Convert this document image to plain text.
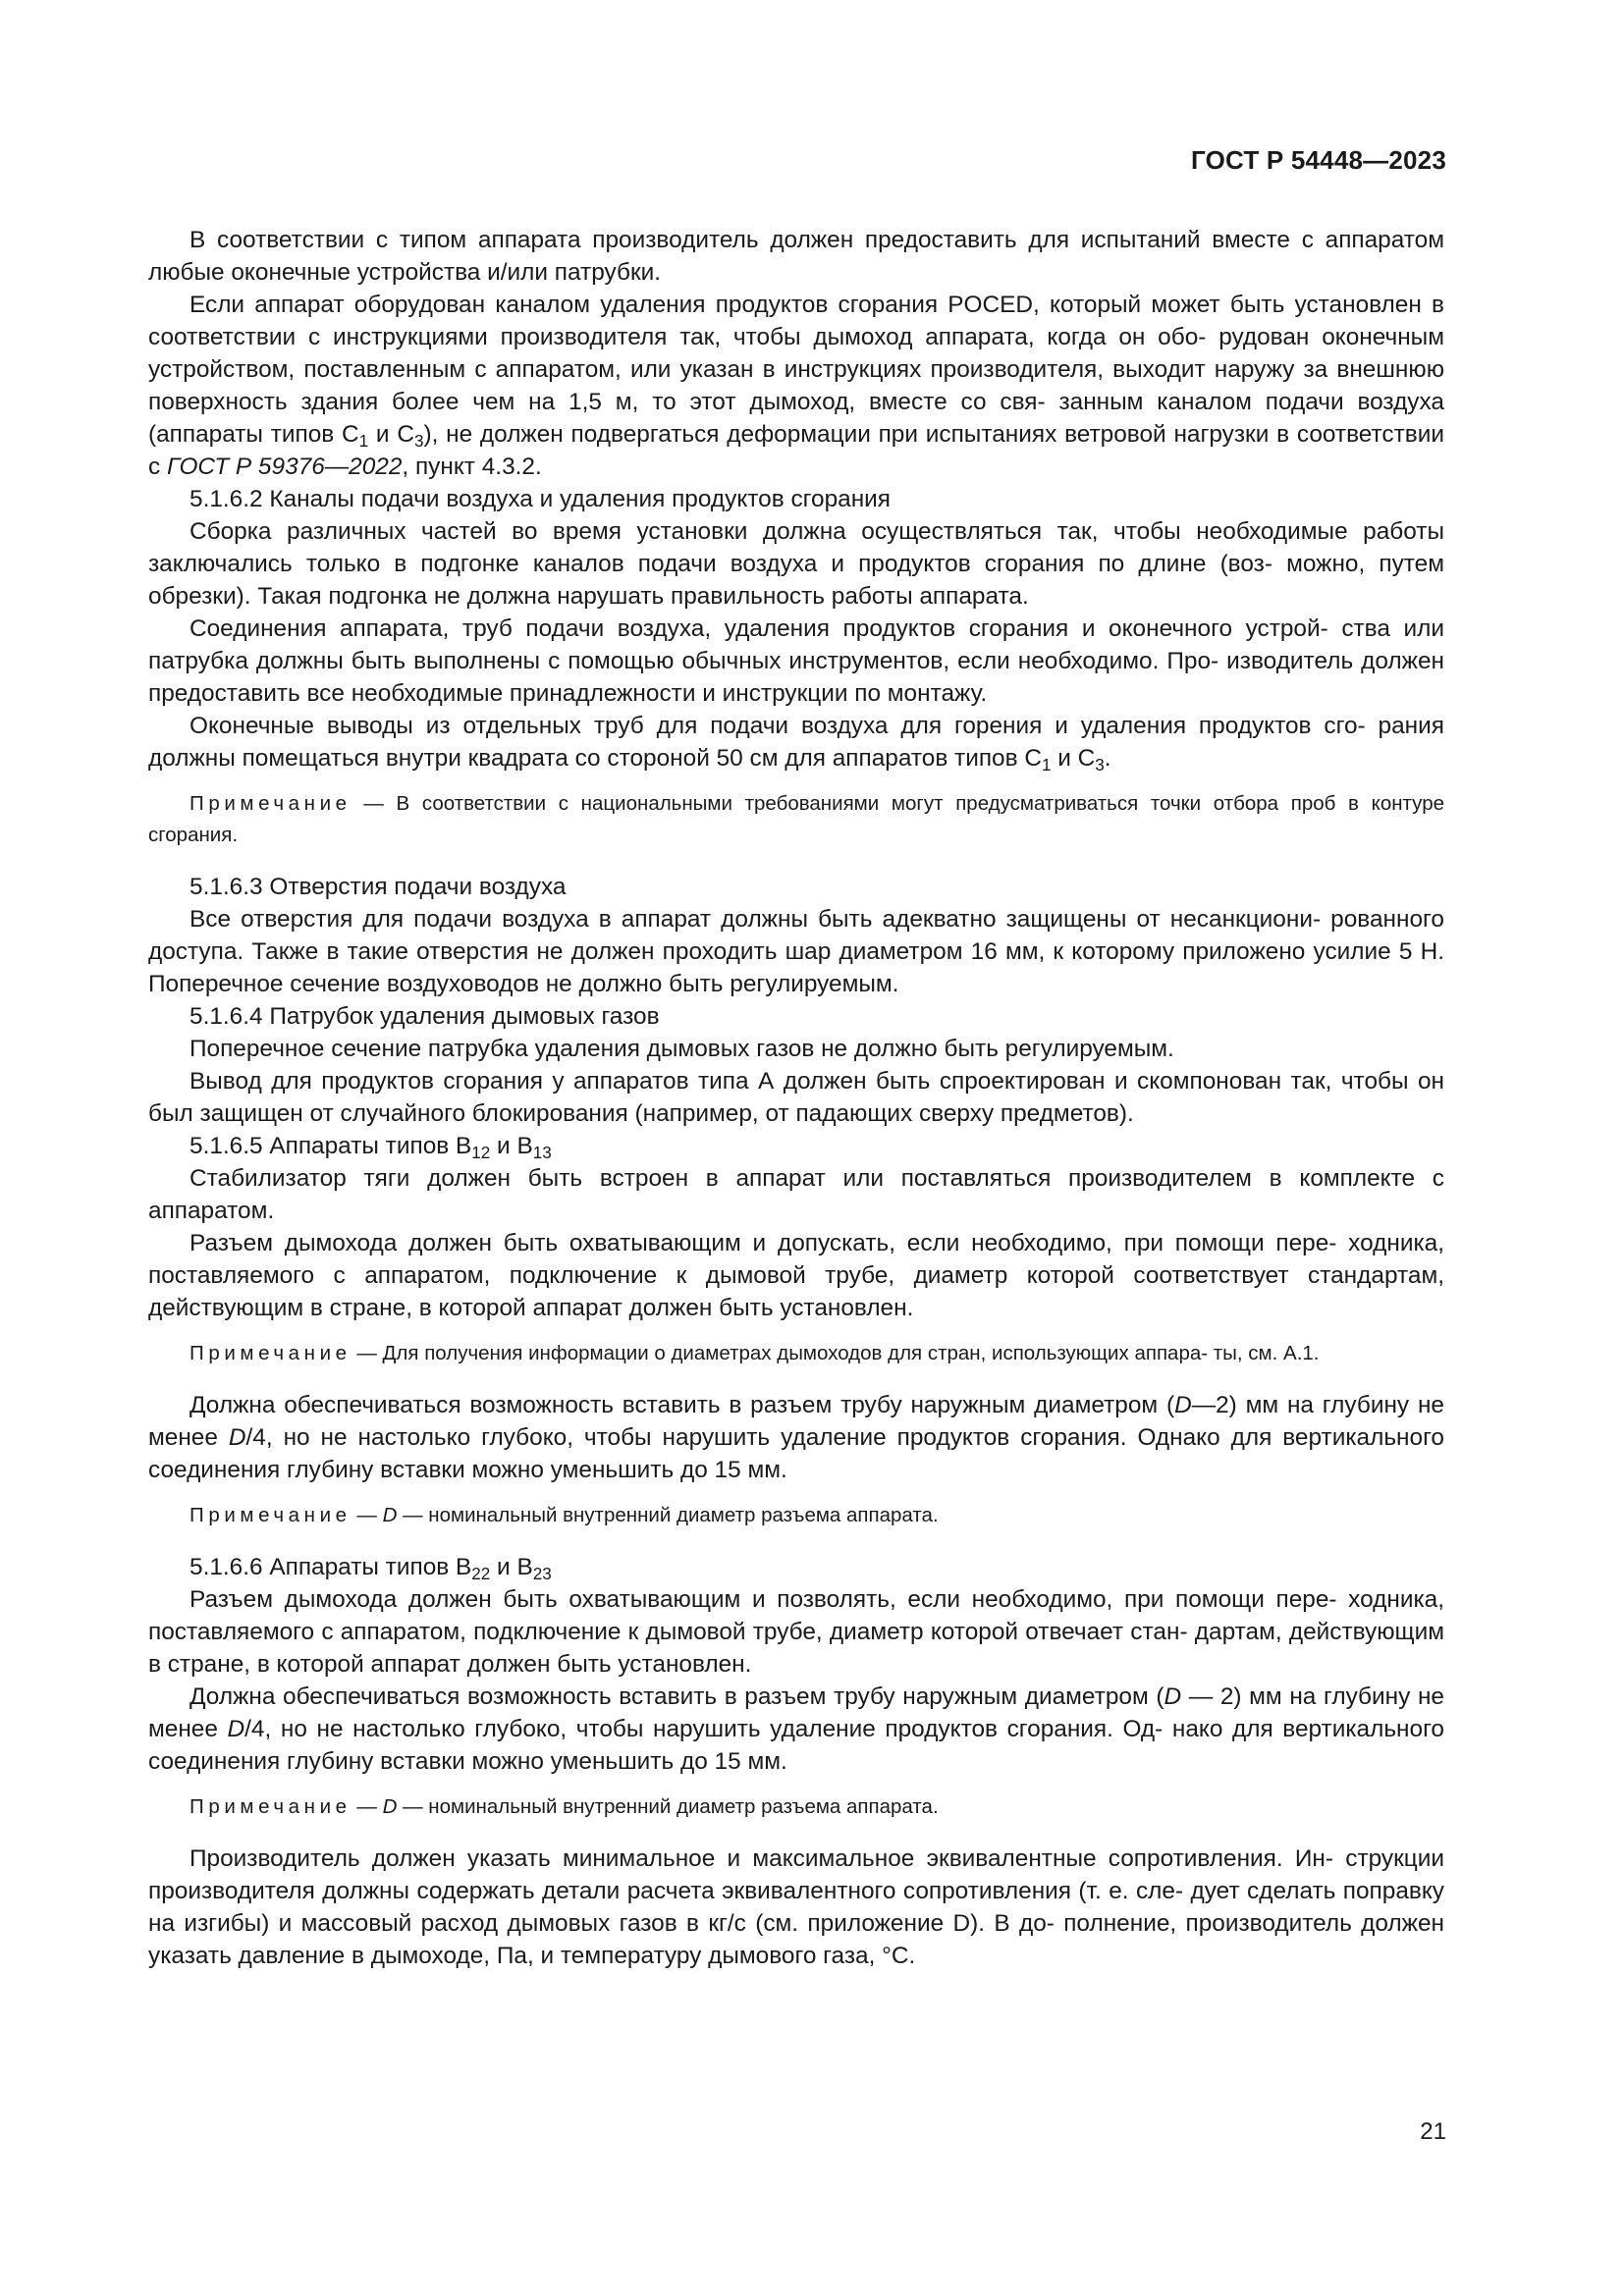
ГОСТ Р 54448—2023

В соответствии с типом аппарата производитель должен предоставить для испытаний вместе с аппаратом любые оконечные устройства и/или патрубки.

Если аппарат оборудован каналом удаления продуктов сгорания POCED, который может быть установлен в соответствии с инструкциями производителя так, чтобы дымоход аппарата, когда он обо- рудован оконечным устройством, поставленным с аппаратом, или указан в инструкциях производителя, выходит наружу за внешнюю поверхность здания более чем на 1,5 м, то этот дымоход, вместе со свя- занным каналом подачи воздуха (аппараты типов $C_1$ и $C_3$), не должен подвергаться деформации при испытаниях ветровой нагрузки в соответствии с ГОСТ Р 59376—2022, пункт 4.3.2.

5.1.6.2 Каналы подачи воздуха и удаления продуктов сгорания

Сборка различных частей во время установки должна осуществляться так, чтобы необходимые работы заключались только в подгонке каналов подачи воздуха и продуктов сгорания по длине (воз- можно, путем обрезки). Такая подгонка не должна нарушать правильность работы аппарата.

Соединения аппарата, труб подачи воздуха, удаления продуктов сгорания и оконечного устрой- ства или патрубка должны быть выполнены с помощью обычных инструментов, если необходимо. Про- изводитель должен предоставить все необходимые принадлежности и инструкции по монтажу.

Оконечные выводы из отдельных труб для подачи воздуха для горения и удаления продуктов сго- рания должны помещаться внутри квадрата со стороной 50 см для аппаратов типов $C_1$ и $C_3$.

Примечание — В соответствии с национальными требованиями могут предусматриваться точки отбора проб в контуре сгорания.

5.1.6.3 Отверстия подачи воздуха

Все отверстия для подачи воздуха в аппарат должны быть адекватно защищены от несанкциони- рованного доступа. Также в такие отверстия не должен проходить шар диаметром 16 мм, к которому приложено усилие 5 Н. Поперечное сечение воздуховодов не должно быть регулируемым.

5.1.6.4 Патрубок удаления дымовых газов

Поперечное сечение патрубка удаления дымовых газов не должно быть регулируемым.

Вывод для продуктов сгорания у аппаратов типа А должен быть спроектирован и скомпонован так, чтобы он был защищен от случайного блокирования (например, от падающих сверху предметов).

5.1.6.5 Аппараты типов $B_{12}$ и $B_{13}$

Стабилизатор тяги должен быть встроен в аппарат или поставляться производителем в комплекте с аппаратом.

Разъем дымохода должен быть охватывающим и допускать, если необходимо, при помощи пере- ходника, поставляемого с аппаратом, подключение к дымовой трубе, диаметр которой соответствует стандартам, действующим в стране, в которой аппарат должен быть установлен.

Примечание — Для получения информации о диаметрах дымоходов для стран, использующих аппара- ты, см. А.1.

Должна обеспечиваться возможность вставить в разъем трубу наружным диаметром (D—2) мм на глубину не менее D/4, но не настолько глубоко, чтобы нарушить удаление продуктов сгорания. Однако для вертикального соединения глубину вставки можно уменьшить до 15 мм.

Примечание — D — номинальный внутренний диаметр разъема аппарата.

5.1.6.6 Аппараты типов $B_{22}$ и $B_{23}$

Разъем дымохода должен быть охватывающим и позволять, если необходимо, при помощи пере- ходника, поставляемого с аппаратом, подключение к дымовой трубе, диаметр которой отвечает стан- дартам, действующим в стране, в которой аппарат должен быть установлен.

Должна обеспечиваться возможность вставить в разъем трубу наружным диаметром (D — 2) мм на глубину не менее D/4, но не настолько глубоко, чтобы нарушить удаление продуктов сгорания. Од- нако для вертикального соединения глубину вставки можно уменьшить до 15 мм.

Примечание — D — номинальный внутренний диаметр разъема аппарата.

Производитель должен указать минимальное и максимальное эквивалентные сопротивления. Ин- струкции производителя должны содержать детали расчета эквивалентного сопротивления (т. е. сле- дует сделать поправку на изгибы) и массовый расход дымовых газов в кг/с (см. приложение D). В до- полнение, производитель должен указать давление в дымоходе, Па, и температуру дымового газа, °С.

21
